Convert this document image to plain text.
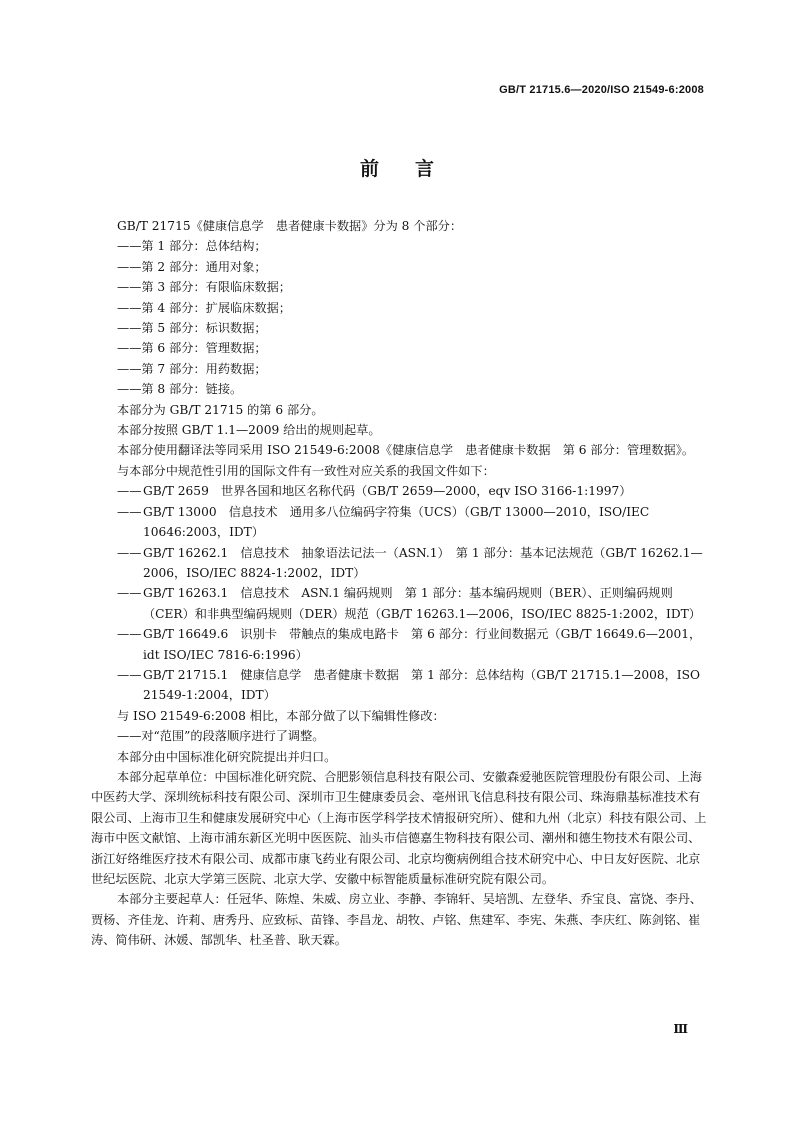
GB/T 21715.6—2020/ISO 21549-6:2008
前言

GB/T 21715《健康信息学　患者健康卡数据》分为 8 个部分：

——第 1 部分：总体结构；

——第 2 部分：通用对象；

——第 3 部分：有限临床数据；

——第 4 部分：扩展临床数据；

——第 5 部分：标识数据；

——第 6 部分：管理数据；

——第 7 部分：用药数据；

——第 8 部分：链接。

本部分为 GB/T 21715 的第 6 部分。

本部分按照 GB/T 1.1—2009 给出的规则起草。

本部分使用翻译法等同采用 ISO 21549-6:2008《健康信息学　患者健康卡数据　第 6 部分：管理数据》。

与本部分中规范性引用的国际文件有一致性对应关系的我国文件如下：

—— GB/T 2659　世界各国和地区名称代码（GB/T 2659—2000，eqv ISO 3166-1:1997）

—— GB/T 13000　信息技术　通用多八位编码字符集（UCS）（GB/T 13000—2010，ISO/IEC 10646:2003，IDT）

—— GB/T 16262.1　信息技术　抽象语法记法一（ASN.1）　第 1 部分：基本记法规范（GB/T 16262.1—2006，ISO/IEC 8824-1:2002，IDT）

—— GB/T 16263.1　信息技术　ASN.1 编码规则　第 1 部分：基本编码规则（BER）、正则编码规则（CER）和非典型编码规则（DER）规范（GB/T 16263.1—2006，ISO/IEC 8825-1:2002，IDT）

—— GB/T 16649.6　识别卡　带触点的集成电路卡　第 6 部分：行业间数据元（GB/T 16649.6—2001，idt ISO/IEC 7816-6:1996）

—— GB/T 21715.1　健康信息学　患者健康卡数据　第 1 部分：总体结构（GB/T 21715.1—2008，ISO 21549-1:2004，IDT）

与 ISO 21549-6:2008 相比，本部分做了以下编辑性修改：

——对“范围”的段落顺序进行了调整。

本部分由中国标准化研究院提出并归口。

本部分起草单位：中国标准化研究院、合肥影领信息科技有限公司、安徽森爱驰医院管理股份有限公司、上海中医药大学、深圳统标科技有限公司、深圳市卫生健康委员会、亳州讯飞信息科技有限公司、珠海鼎基标准技术有限公司、上海市卫生和健康发展研究中心（上海市医学科学技术情报研究所）、健和九州（北京）科技有限公司、上海市中医文献馆、上海市浦东新区光明中医医院、汕头市信德嘉生物科技有限公司、潮州和德生物技术有限公司、浙江好络维医疗技术有限公司、成都市康飞药业有限公司、北京均衡病例组合技术研究中心、中日友好医院、北京世纪坛医院、北京大学第三医院、北京大学、安徽中标智能质量标准研究院有限公司。

本部分主要起草人：任冠华、陈煌、朱威、房立业、李静、李锦轩、吴培凯、左登华、乔宝良、富饶、李丹、贾杨、齐佳龙、许莉、唐秀丹、应致标、苗锋、李昌龙、胡牧、卢铭、焦建军、李宪、朱燕、李庆红、陈剑铭、崔涛、简伟研、沐媛、郜凯华、杜圣普、耿天霖。

Ⅲ
